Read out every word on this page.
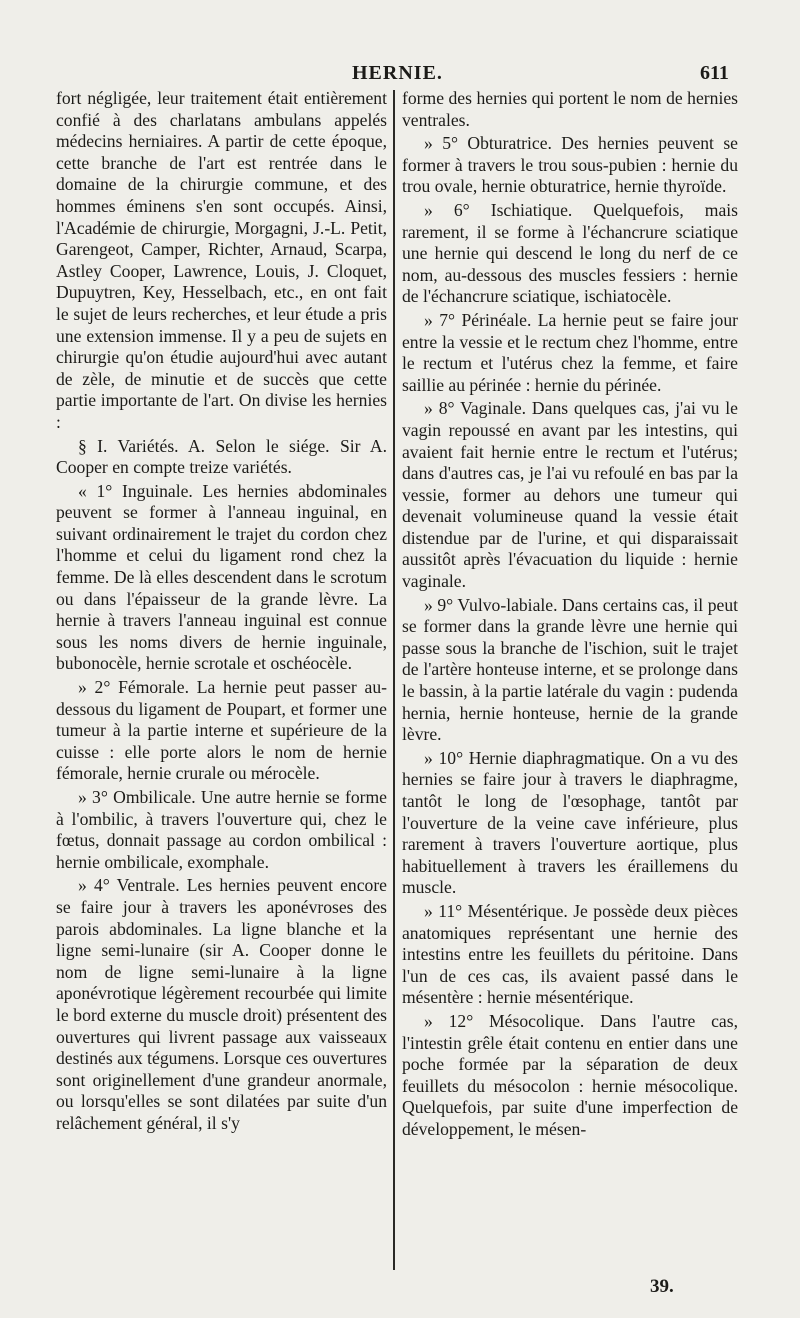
HERNIE.	611

fort négligée, leur traitement était entièrement confié à des charlatans ambulans appelés médecins herniaires. A partir de cette époque, cette branche de l'art est rentrée dans le domaine de la chirurgie commune, et des hommes éminens s'en sont occupés. Ainsi, l'Académie de chirurgie, Morgagni, J.-L. Petit, Garengeot, Camper, Richter, Arnaud, Scarpa, Astley Cooper, Lawrence, Louis, J. Cloquet, Dupuytren, Key, Hesselbach, etc., en ont fait le sujet de leurs recherches, et leur étude a pris une extension immense. Il y a peu de sujets en chirurgie qu'on étudie aujourd'hui avec autant de zèle, de minutie et de succès que cette partie importante de l'art. On divise les hernies :

§ I. Variétés. A. Selon le siége. Sir A. Cooper en compte treize variétés.

« 1° Inguinale. Les hernies abdominales peuvent se former à l'anneau inguinal, en suivant ordinairement le trajet du cordon chez l'homme et celui du ligament rond chez la femme. De là elles descendent dans le scrotum ou dans l'épaisseur de la grande lèvre. La hernie à travers l'anneau inguinal est connue sous les noms divers de hernie inguinale, bubonocèle, hernie scrotale et oschéocèle.

» 2° Fémorale. La hernie peut passer au-dessous du ligament de Poupart, et former une tumeur à la partie interne et supérieure de la cuisse : elle porte alors le nom de hernie fémorale, hernie crurale ou mérocèle.

» 3° Ombilicale. Une autre hernie se forme à l'ombilic, à travers l'ouverture qui, chez le fœtus, donnait passage au cordon ombilical : hernie ombilicale, exomphale.

» 4° Ventrale. Les hernies peuvent encore se faire jour à travers les aponévroses des parois abdominales. La ligne blanche et la ligne semi-lunaire (sir A. Cooper donne le nom de ligne semi-lunaire à la ligne aponévrotique légèrement recourbée qui limite le bord externe du muscle droit) présentent des ouvertures qui livrent passage aux vaisseaux destinés aux tégumens. Lorsque ces ouvertures sont originellement d'une grandeur anormale, ou lorsqu'elles se sont dilatées par suite d'un relâchement général, il s'y

forme des hernies qui portent le nom de hernies ventrales.

» 5° Obturatrice. Des hernies peuvent se former à travers le trou sous-pubien : hernie du trou ovale, hernie obturatrice, hernie thyroïde.

» 6° Ischiatique. Quelquefois, mais rarement, il se forme à l'échancrure sciatique une hernie qui descend le long du nerf de ce nom, au-dessous des muscles fessiers : hernie de l'échancrure sciatique, ischiatocèle.

» 7° Périnéale. La hernie peut se faire jour entre la vessie et le rectum chez l'homme, entre le rectum et l'utérus chez la femme, et faire saillie au périnée : hernie du périnée.

» 8° Vaginale. Dans quelques cas, j'ai vu le vagin repoussé en avant par les intestins, qui avaient fait hernie entre le rectum et l'utérus; dans d'autres cas, je l'ai vu refoulé en bas par la vessie, former au dehors une tumeur qui devenait volumineuse quand la vessie était distendue par de l'urine, et qui disparaissait aussitôt après l'évacuation du liquide : hernie vaginale.

» 9° Vulvo-labiale. Dans certains cas, il peut se former dans la grande lèvre une hernie qui passe sous la branche de l'ischion, suit le trajet de l'artère honteuse interne, et se prolonge dans le bassin, à la partie latérale du vagin : pudenda hernia, hernie honteuse, hernie de la grande lèvre.

» 10° Hernie diaphragmatique. On a vu des hernies se faire jour à travers le diaphragme, tantôt le long de l'œsophage, tantôt par l'ouverture de la veine cave inférieure, plus rarement à travers l'ouverture aortique, plus habituellement à travers les éraillemens du muscle.

» 11° Mésentérique. Je possède deux pièces anatomiques représentant une hernie des intestins entre les feuillets du péritoine. Dans l'un de ces cas, ils avaient passé dans le mésentère : hernie mésentérique.

» 12° Mésocolique. Dans l'autre cas, l'intestin grêle était contenu en entier dans une poche formée par la séparation de deux feuillets du mésocolon : hernie mésocolique. Quelquefois, par suite d'une imperfection de développement, le mésen-

39.
